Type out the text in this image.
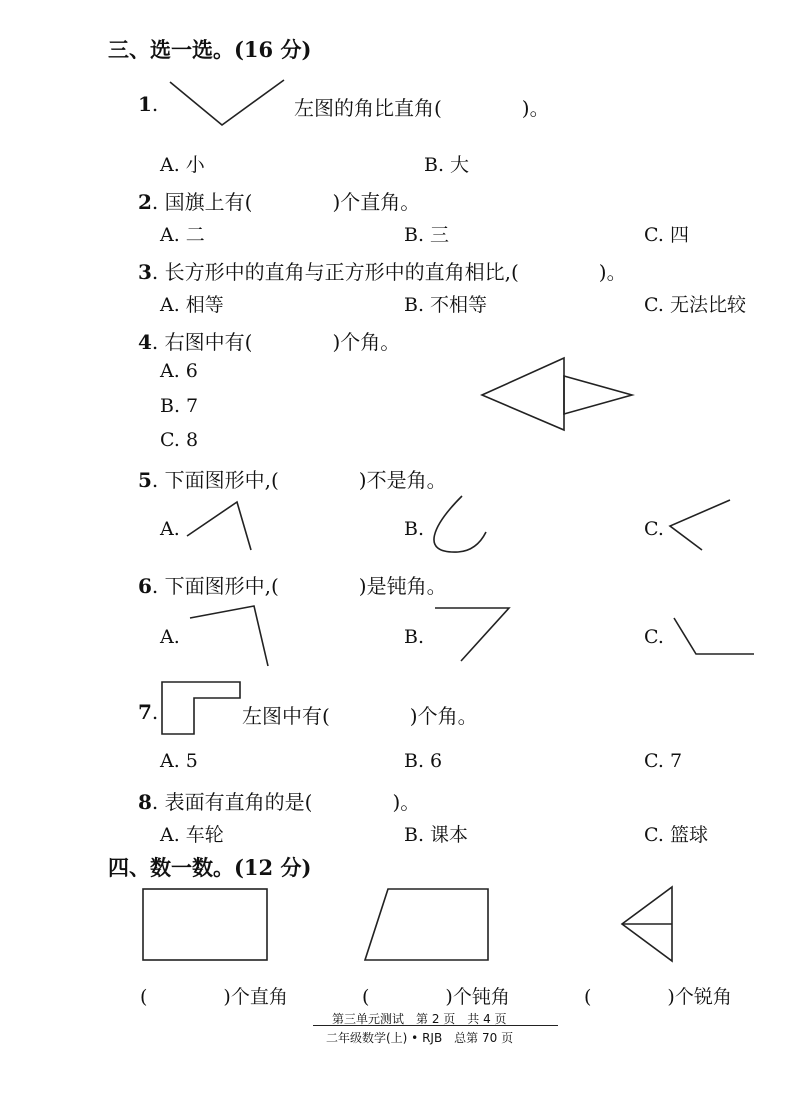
三、选一选。(16 分)
1.	左图的角比直角(　　　　)。
A. 小	B. 大
2. 国旗上有(　　　　)个直角。
A. 二	B. 三	C. 四
3. 长方形中的直角与正方形中的直角相比,(　　　　)。
A. 相等	B. 不相等	C. 无法比较
4. 右图中有(　　　　)个角。
A. 6
B. 7
C. 8
5. 下面图形中,(　　　　)不是角。
A.	B.	C.
6. 下面图形中,(　　　　)是钝角。
A.	B.	C.
7.	左图中有(　　　　)个角。
A. 5	B. 6	C. 7
8. 表面有直角的是(　　　　)。
A. 车轮	B. 课本	C. 篮球
四、数一数。(12 分)
(　　　　)个直角	(　　　　)个钝角	(　　　　)个锐角
第三单元测试　第 2 页　共 4 页
二年级数学(上) • RJB　总第 70 页
